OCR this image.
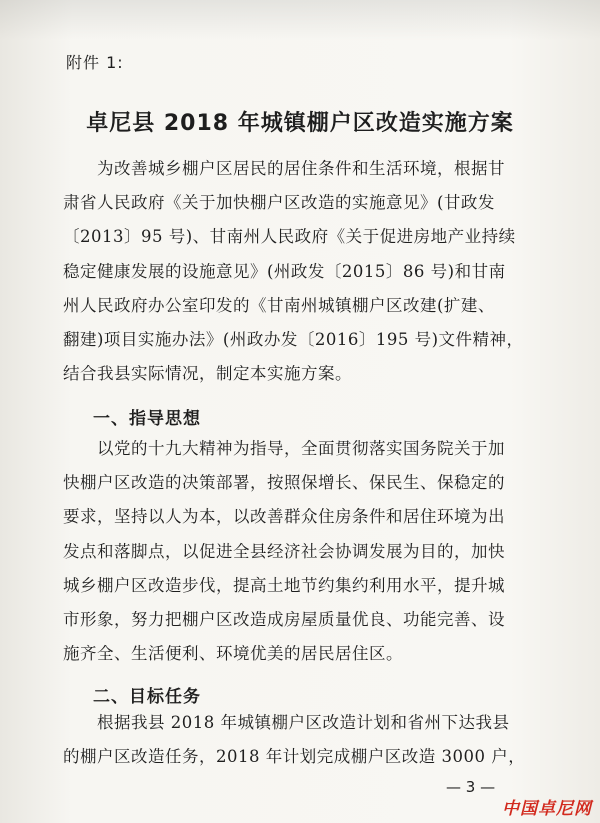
附件 1:
卓尼县 2018 年城镇棚户区改造实施方案
　　为改善城乡棚户区居民的居住条件和生活环境，根据甘
肃省人民政府《关于加快棚户区改造的实施意见》(甘政发
〔2013〕95 号)、甘南州人民政府《关于促进房地产业持续
稳定健康发展的设施意见》(州政发〔2015〕86 号)和甘南
州人民政府办公室印发的《甘南州城镇棚户区改建(扩建、
翻建)项目实施办法》(州政办发〔2016〕195 号)文件精神，
结合我县实际情况，制定本实施方案。
一、指导思想
　　以党的十九大精神为指导，全面贯彻落实国务院关于加
快棚户区改造的决策部署，按照保增长、保民生、保稳定的
要求，坚持以人为本，以改善群众住房条件和居住环境为出
发点和落脚点，以促进全县经济社会协调发展为目的，加快
城乡棚户区改造步伐，提高土地节约集约利用水平，提升城
市形象，努力把棚户区改造成房屋质量优良、功能完善、设
施齐全、生活便利、环境优美的居民居住区。
二、目标任务
　　根据我县 2018 年城镇棚户区改造计划和省州下达我县
的棚户区改造任务，2018 年计划完成棚户区改造 3000 户，
— 3 —
中国卓尼网
